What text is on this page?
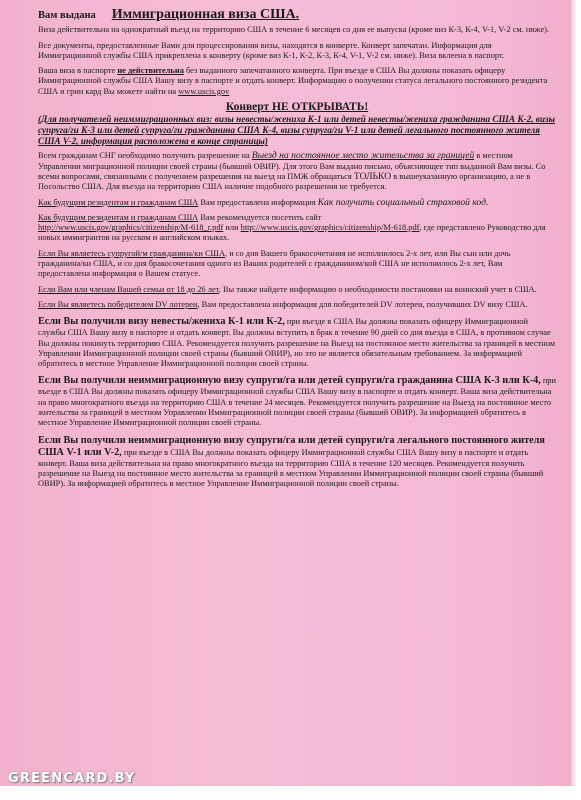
Вам выдана Иммиграционная виза США.

Виза действительна на однократный въезд на территорию США в течение 6 месяцев со дня ее выпуска (кроме виз К-3, К-4, V-1, V-2 см. ниже).

Все документы, предоставленные Вами для процессирования визы, находятся в конверте. Конверт запечатан. Информация для Иммиграционной службы США прикреплена к конверту (кроме виз К-1, К-2, К-3, К-4, V-1, V-2 см. ниже). Виза вклеена в паспорт.

Ваша виза в паспорте не действительна без выданного запечатанного конверта. При въезде в США Вы должны показать офицеру Иммиграционной службы США Вашу визу в паспорте и отдать конверт. Информацию о получении статуса легального постоянного резидента США и грин кард Вы можете найти на www.uscis.gov

Конверт НЕ ОТКРЫВАТЬ!

(Для получателей неиммиграционных виз: визы невесты/жениха К-1 или детей невесты/жениха гражданина США К-2, визы супруга/ги К-3 или детей супруга/ги гражданина США К-4, визы супруга/ги V-1 или детей легального постоянного жителя США V-2, информация расположена в конце страницы)

Всем гражданам СНГ необходимо получить разрешение на Выезд на постоянное место жительства за границей в местном Управлении миграционной полиции своей страны (бывший ОВИР). Для этого Вам выдано письмо, объясняющее тип выданной Вам визы. Со всеми вопросами, связанными с получением разрешения на выезд на ПМЖ обращаться ТОЛЬКО в вышеуказанную организацию, а не в Посольство США. Для въезда на территорию США наличие подобного разрешения не требуется.

Как будущим резидентам и гражданам США Вам предоставлена информация Как получить социальный страховой код.

Как будущим резидентам и гражданам США Вам рекомендуется посетить сайт
http://www.uscis.gov/graphics/citizenship/M-618_r.pdf или http://www.uscis.gov/graphics/citizenship/M-618.pdf, где представлено Руководство для новых иммигрантов на русском и английском языках.

Если Вы являетесь супругой/м гражданина/ки США, и со дня Вашего бракосочетания не исполнилось 2-х лет, или Вы сын или дочь гражданина/ки США, и со дня бракосочетания одного из Ваших родителей с гражданином/кой США не исполнилось 2-х лет, Вам предоставлена информация о Вашем статусе.

Если Вам или членам Вашей семьи от 18 до 26 лет, Вы также найдете информацию о необходимости постановки на воинский учет в США.

Если Вы являетесь победителем DV лотереи, Вам предоставлена информация для победителей DV лотереи, получивших DV визу США.

Если Вы получили визу невесты/жениха К-1 или К-2, при въезде в США Вы должны показать офицеру Иммиграционной службы США Вашу визу в паспорте и отдать конверт. Вы должны вступить в брак в течение 90 дней со дня въезда в США, в противном случае Вы должны покинуть территорию США. Рекомендуется получить разрешение на Выезд на постоянное место жительства за границей в местном Управлении Иммиграционной полиции своей страны (бывший ОВИР), но это не является обязательным требованием. За информацией обратитесь в местное Управление Иммиграционной полиции своей страны.
Если Вы получили неиммиграционную визу супруги/га или детей супруги/га гражданина США К-3 или К-4, при въезде в США Вы должны показать офицеру Иммиграционной службы США Вашу визу в паспорте и отдать конверт. Ваша виза действительна на право многократного въезда на территорию США в течение 24 месяцев. Рекомендуется получить разрешение на Выезд на постоянное место жительства за границей в местном Управлении Иммиграционной полиции своей страны (бывший ОВИР). За информацией обратитесь в местное Управление Иммиграционной полиции своей страны.
Если Вы получили неиммиграционную визу супруги/га или детей супруги/га легального постоянного жителя США V-1 или V-2, при въезде в США Вы должны показать офицеру Иммиграционной службы США Вашу визу в паспорте и отдать конверт. Ваша виза действительна на право многократного въезда на территорию США в течение 120 месяцев. Рекомендуется получить разрешение на Выезд на постоянное место жительства за границей в местном Управлении Иммиграционной полиции своей страны (бывший ОВИР). За информацией обратитесь в местное Управление Иммиграционной полиции своей страны.
GREENCARD.BY
